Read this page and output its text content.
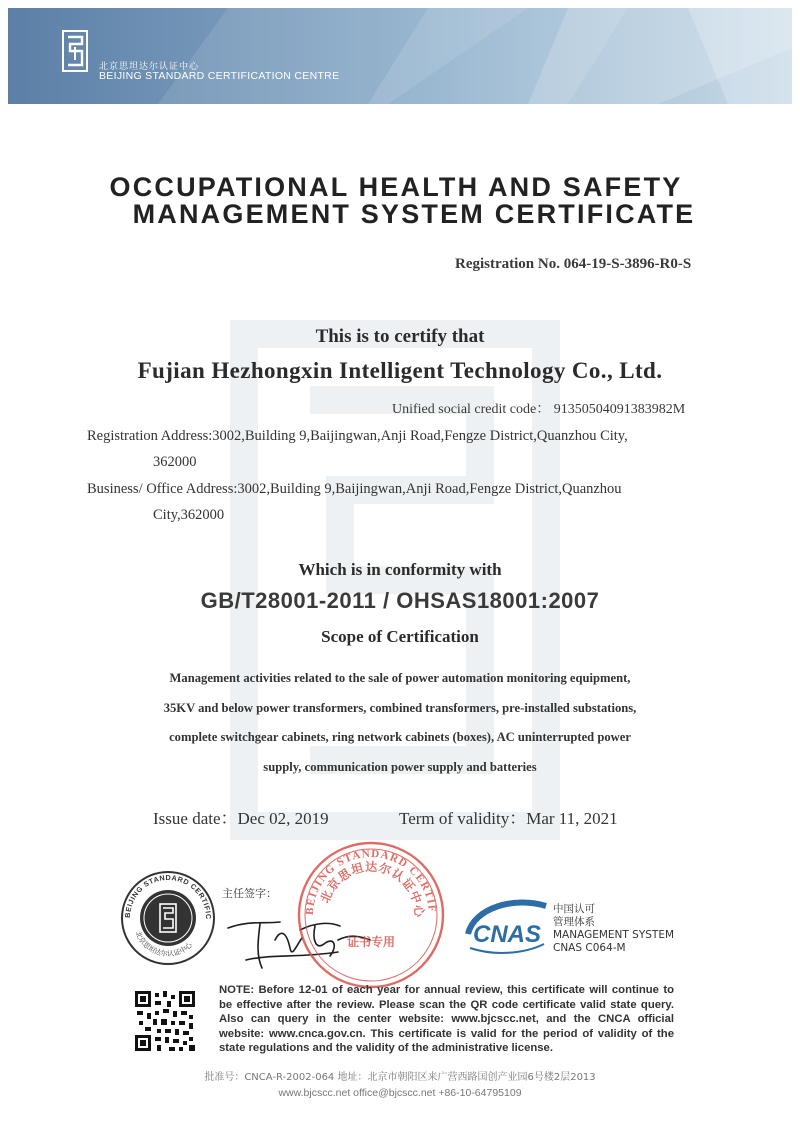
北京思坦达尔认证中心
BEIJING STANDARD CERTIFICATION CENTRE
OCCUPATIONAL HEALTH AND SAFETY
MANAGEMENT SYSTEM CERTIFICATE
Registration No. 064-19-S-3896-R0-S
This is to certify that
Fujian Hezhongxin Intelligent Technology Co., Ltd.
Unified social credit code： 91350504091383982M
Registration Address:3002,Building 9,Baijingwan,Anji Road,Fengze District,Quanzhou City,
362000
Business/ Office Address:3002,Building 9,Baijingwan,Anji Road,Fengze District,Quanzhou
City,362000
Which is in conformity with
GB/T28001-2011 / OHSAS18001:2007
Scope of Certification
Management activities related to the sale of power automation monitoring equipment,
35KV and below power transformers, combined transformers, pre-installed substations,
complete switchgear cabinets, ring network cabinets (boxes), AC uninterrupted power
supply, communication power supply and batteries
Issue date：Dec 02, 2019	Term of validity：Mar 11, 2021
BEIJING STANDARD CERTIFIC
北京思坦达尔认证中心
主任签字：
BEIJING STANDARD CERTIF
北京思坦达尔认证中心
证书专用	CNAS
中国认可
管理体系
MANAGEMENT SYSTEM
CNAS C064-M
NOTE: Before 12-01 of each year for annual review, this certificate will continue to be effective after the review. Please scan the QR code certificate valid state query. Also can query in the center website: www.bjcscc.net, and the CNCA official website: www.cnca.gov.cn. This certificate is valid for the period of validity of the state regulations and the validity of the administrative license.
批准号：CNCA-R-2002-064 地址：北京市朝阳区来广营西路国创产业园6号楼2层2013
www.bjcscc.net office@bjcscc.net +86-10-64795109
